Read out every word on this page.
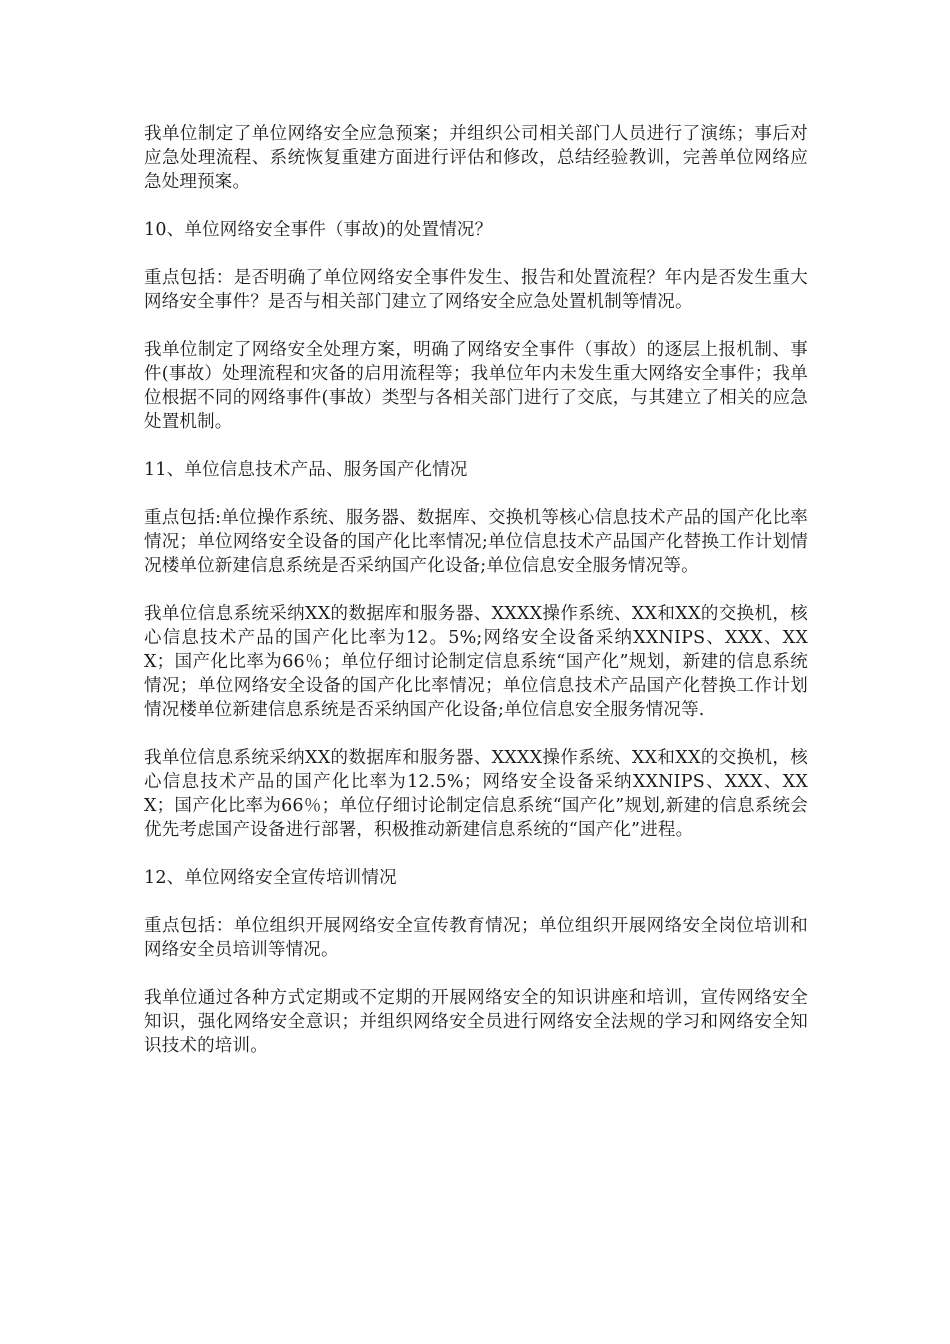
我单位制定了单位网络安全应急预案；并组织公司相关部门人员进行了演练；事后对应急处理流程、系统恢复重建方面进行评估和修改，总结经验教训，完善单位网络应急处理预案。

10、单位网络安全事件（事故)的处置情况？

重点包括：是否明确了单位网络安全事件发生、报告和处置流程？年内是否发生重大网络安全事件？是否与相关部门建立了网络安全应急处置机制等情况。

我单位制定了网络安全处理方案，明确了网络安全事件（事故）的逐层上报机制、事件(事故）处理流程和灾备的启用流程等；我单位年内未发生重大网络安全事件；我单位根据不同的网络事件(事故）类型与各相关部门进行了交底，与其建立了相关的应急处置机制。

11、单位信息技术产品、服务国产化情况

重点包括:单位操作系统、服务器、数据库、交换机等核心信息技术产品的国产化比率情况；单位网络安全设备的国产化比率情况;单位信息技术产品国产化替换工作计划情况楼单位新建信息系统是否采纳国产化设备;单位信息安全服务情况等。

我单位信息系统采纳XX的数据库和服务器、XXXX操作系统、XX和XX的交换机，核心信息技术产品的国产化比率为12。5%;网络安全设备采纳XXNIPS、XXX、XXX；国产化比率为66％；单位仔细讨论制定信息系统“国产化”规划，新建的信息系统情况；单位网络安全设备的国产化比率情况；单位信息技术产品国产化替换工作计划情况楼单位新建信息系统是否采纳国产化设备;单位信息安全服务情况等.

我单位信息系统采纳XX的数据库和服务器、XXXX操作系统、XX和XX的交换机，核心信息技术产品的国产化比率为12.5%；网络安全设备采纳XXNIPS、XXX、XXX；国产化比率为66％；单位仔细讨论制定信息系统“国产化”规划,新建的信息系统会优先考虑国产设备进行部署，积极推动新建信息系统的“国产化”进程。

12、单位网络安全宣传培训情况

重点包括：单位组织开展网络安全宣传教育情况；单位组织开展网络安全岗位培训和网络安全员培训等情况。

我单位通过各种方式定期或不定期的开展网络安全的知识讲座和培训，宣传网络安全知识，强化网络安全意识；并组织网络安全员进行网络安全法规的学习和网络安全知识技术的培训。
